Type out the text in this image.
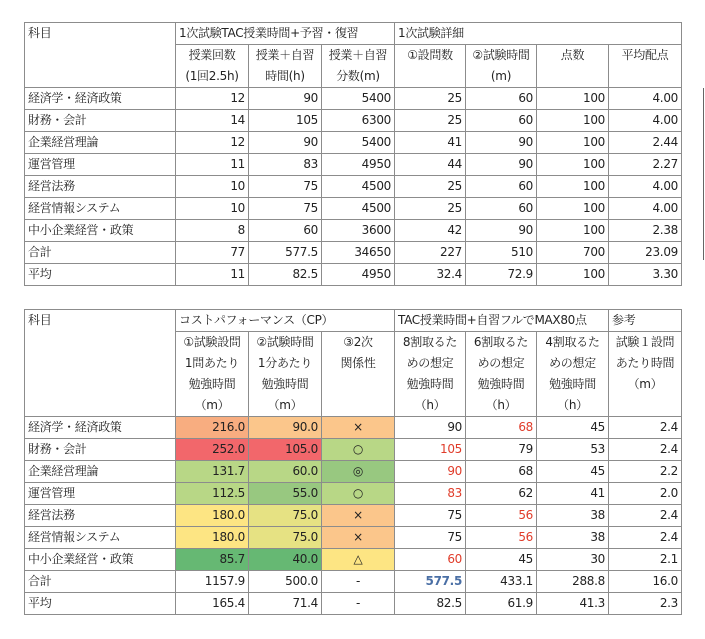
科目	1次試験TAC授業時間+予習・復習			1次試験詳細			
	授業回数	授業＋自習	授業＋自習	①設問数	②試験時間	点数	平均配点
	(1回2.5h)	時間(h)	分数(m)		(m)		
経済学・経済政策	12	90	5400	25	60	100	4.00
財務・会計	14	105	6300	25	60	100	4.00
企業経営理論	12	90	5400	41	90	100	2.44
運営管理	11	83	4950	44	90	100	2.27
経営法務	10	75	4500	25	60	100	4.00
経営情報システム	10	75	4500	25	60	100	4.00
中小企業経営・政策	8	60	3600	42	90	100	2.38
合計	77	577.5	34650	227	510	700	23.09
平均	11	82.5	4950	32.4	72.9	100	3.30
科目	コストパフォーマンス（CP）			TAC授業時間+自習フルでMAX80点			参考
	①試験設問	②試験時間	③2次	8割取るた	6割取るた	4割取るた	試験１設問
	1問あたり	1分あたり	関係性	めの想定	めの想定	めの想定	あたり時間
	勉強時間	勉強時間		勉強時間	勉強時間	勉強時間	（m）
	（m）	（m）		（h）	（h）	（h）	
経済学・経済政策	216.0	90.0	×	90	68	45	2.4
財務・会計	252.0	105.0	○	105	79	53	2.4
企業経営理論	131.7	60.0	◎	90	68	45	2.2
運営管理	112.5	55.0	○	83	62	41	2.0
経営法務	180.0	75.0	×	75	56	38	2.4
経営情報システム	180.0	75.0	×	75	56	38	2.4
中小企業経営・政策	85.7	40.0	△	60	45	30	2.1
合計	1157.9	500.0	-	577.5	433.1	288.8	16.0
平均	165.4	71.4	-	82.5	61.9	41.3	2.3
